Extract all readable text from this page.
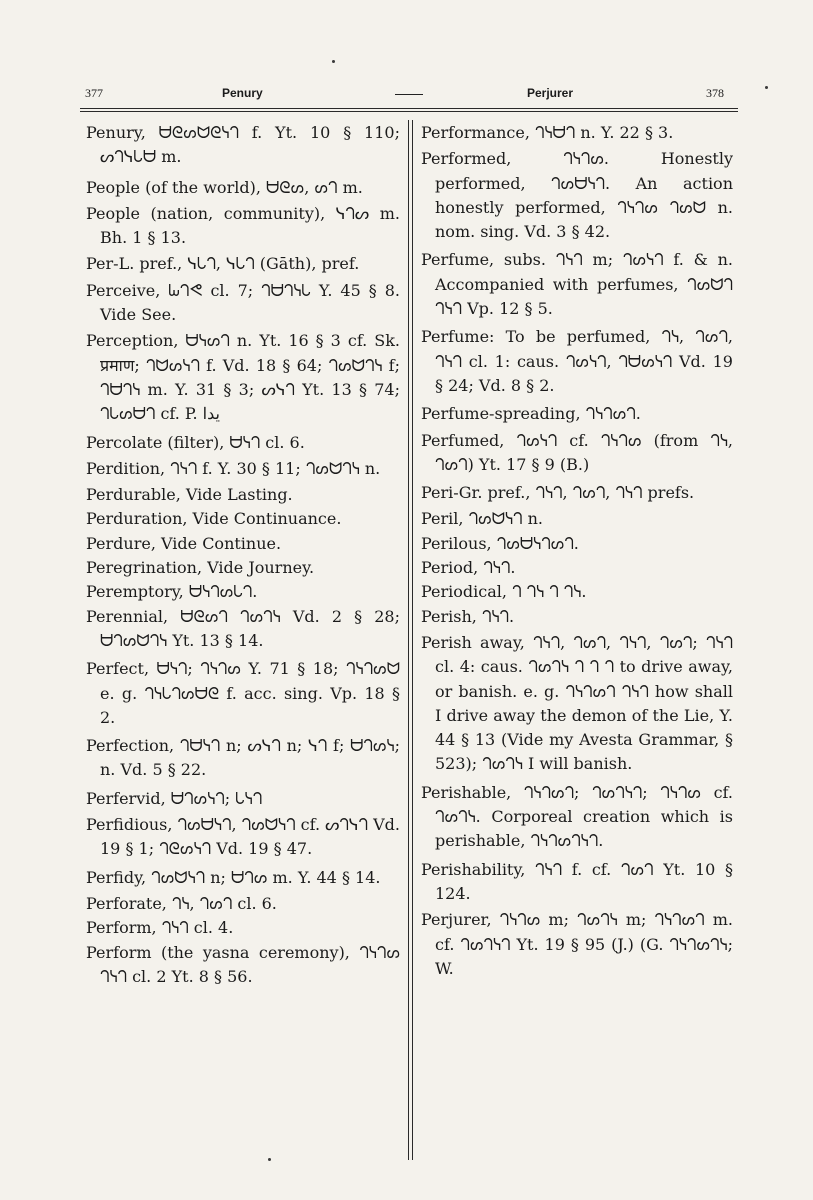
377	Penury	Perjurer	378

Penury, ᗨᘓᔕᗢᘓᓭᘃ f. Yt. 10 § 110; ᔕᘃᓭᘂᗨ m.

People (of the world), ᗨᘓᔕ, ᔕᘃ m.

People (nation, community), ᓭᘃᔕ m. Bh. 1 § 13.

Per-L. pref., ᓭᘂᘃ, ᓭᘂᘃ (Gāth), pref.

Perceive, ᘈᘃᕙ cl. 7; ᘃᗨᘃᓭᘂ Y. 45 § 8. Vide See.

Perception, ᗨᓭᔕᘃ n. Yt. 16 § 3 cf. Sk. प्रमाण; ᘃᗢᔕᓭᘃ f. Vd. 18 § 64; ᘃᔕᗢᘃᓭ f; ᘃᗨᘃᓭ m. Y. 31 § 3; ᔕᓭᘃ Yt. 13 § 74; ᘃᘂᔕᗨᘃ cf. P. يدا

Percolate (filter), ᗨᓭᘃ cl. 6.

Perdition, ᘃᓭᘃ f. Y. 30 § 11; ᘃᔕᗢᘃᓭ n.

Perdurable, Vide Lasting.

Perduration, Vide Continuance.

Perdure, Vide Continue.

Peregrination, Vide Journey.

Peremptory, ᗨᓭᘃᔕᘂᘃ.

Perennial, ᗨᘓᔕᘃ ᘃᔕᘃᓭ Vd. 2 § 28; ᗨᘃᔕᗢᘃᓭ Yt. 13 § 14.

Perfect, ᗨᓭᘃ; ᘃᓭᘃᔕ Y. 71 § 18; ᘃᓭᘃᔕᗢ e. g. ᘃᓭᘂᘃᔕᗨᘓ f. acc. sing. Vp. 18 § 2.

Perfection, ᘃᗨᓭᘃ n; ᔕᓭᘃ n; ᓭᘃ f; ᗨᘃᔕᓭ; n. Vd. 5 § 22.

Perfervid, ᗨᘃᔕᓭᘃ; ᘂᓭᘃ

Perfidious, ᘃᔕᗨᓭᘃ, ᘃᔕᗢᓭᘃ cf. ᔕᘃᓭᘃ Vd. 19 § 1; ᘃᘓᔕᓭᘃ Vd. 19 § 47.

Perfidy, ᘃᔕᗢᓭᘃ n; ᗨᘃᔕ m. Y. 44 § 14.

Perforate, ᘃᓭ, ᘃᔕᘃ cl. 6.

Perform, ᘃᓭᘃ cl. 4.

Perform (the yasna ceremony), ᘃᓭᘃᔕ ᘃᓭᘃ cl. 2 Yt. 8 § 56.

Performance, ᘃᓭᗨᘃ n. Y. 22 § 3.

Performed, ᘃᓭᘃᔕ. Honestly performed, ᘃᔕᗨᓭᘃ. An action honestly performed, ᘃᓭᘃᔕ ᘃᔕᗢ n. nom. sing. Vd. 3 § 42.

Perfume, subs. ᘃᓭᘃ m; ᘃᔕᓭᘃ f. & n. Accompanied with perfumes, ᘃᔕᗢᘃ ᘃᓭᘃ Vp. 12 § 5.

Perfume: To be perfumed, ᘃᓭ, ᘃᔕᘃ, ᘃᓭᘃ cl. 1: caus. ᘃᔕᓭᘃ, ᘃᗨᔕᓭᘃ Vd. 19 § 24; Vd. 8 § 2.

Perfume-spreading, ᘃᓭᘃᔕᘃ.

Perfumed, ᘃᔕᓭᘃ cf. ᘃᓭᘃᔕ (from ᘃᓭ, ᘃᔕᘃ) Yt. 17 § 9 (B.)

Peri-Gr. pref., ᘃᓭᘃ, ᘃᔕᘃ, ᘃᓭᘃ prefs.

Peril, ᘃᔕᗢᓭᘃ n.

Perilous, ᘃᔕᗨᓭᘃᔕᘃ.

Period, ᘃᓭᘃ.

Periodical, ᘃ ᘃᓭ ᘃ ᘃᓭ.

Perish, ᘃᓭᘃ.

Perish away, ᘃᓭᘃ, ᘃᔕᘃ, ᘃᓭᘃ, ᘃᔕᘃ; ᘃᓭᘃ cl. 4: caus. ᘃᔕᘃᓭ ᘃ ᘃ ᘃ to drive away, or banish. e. g. ᘃᓭᘃᔕᘃ ᘃᓭᘃ how shall I drive away the demon of the Lie, Y. 44 § 13 (Vide my Avesta Grammar, § 523); ᘃᔕᘃᓭ I will banish.

Perishable, ᘃᓭᘃᔕᘃ; ᘃᔕᘃᓭᘃ; ᘃᓭᘃᔕ cf. ᘃᔕᘃᓭ. Corporeal creation which is perishable, ᘃᓭᘃᔕᘃᓭᘃ.

Perishability, ᘃᓭᘃ f. cf. ᘃᔕᘃ Yt. 10 § 124.

Perjurer, ᘃᓭᘃᔕ m; ᘃᔕᘃᓭ m; ᘃᓭᘃᔕᘃ m. cf. ᘃᔕᘃᓭᘃ Yt. 19 § 95 (J.) (G. ᘃᓭᘃᔕᘃᓭ; W.
